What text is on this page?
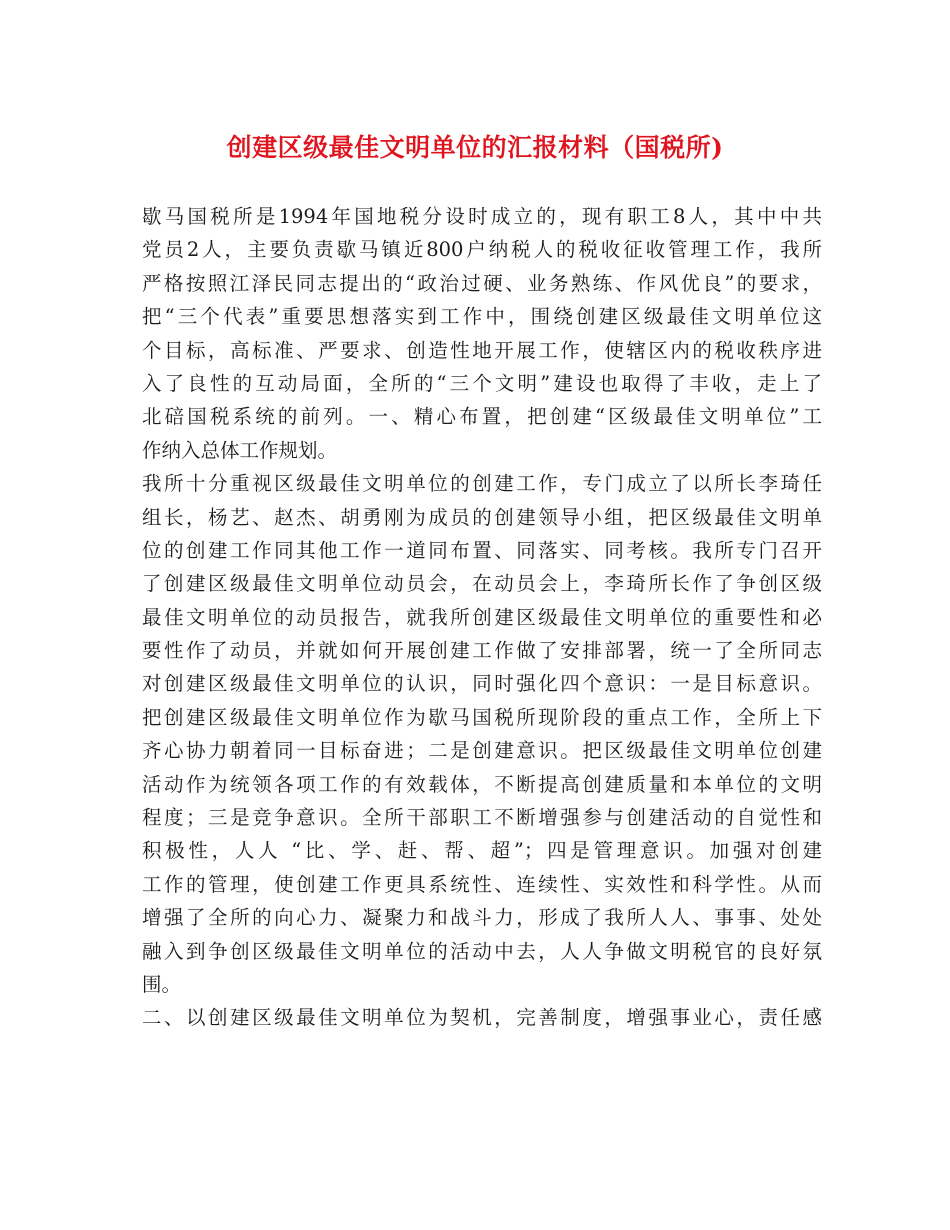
创建区级最佳文明单位的汇报材料（国税所)

歇马国税所是1994年国地税分设时成立的，现有职工8人，其中中共

党员2人，主要负责歇马镇近800户纳税人的税收征收管理工作，我所

严格按照江泽民同志提出的“政治过硬、业务熟练、作风优良”的要求，

把“三个代表”重要思想落实到工作中，围绕创建区级最佳文明单位这

个目标，高标准、严要求、创造性地开展工作，使辖区内的税收秩序进

入了良性的互动局面，全所的“三个文明”建设也取得了丰收，走上了

北碚国税系统的前列。一、精心布置，把创建“区级最佳文明单位”工

作纳入总体工作规划。

我所十分重视区级最佳文明单位的创建工作，专门成立了以所长李琦任

组长，杨艺、赵杰、胡勇刚为成员的创建领导小组，把区级最佳文明单

位的创建工作同其他工作一道同布置、同落实、同考核。我所专门召开

了创建区级最佳文明单位动员会，在动员会上，李琦所长作了争创区级

最佳文明单位的动员报告，就我所创建区级最佳文明单位的重要性和必

要性作了动员，并就如何开展创建工作做了安排部署，统一了全所同志

对创建区级最佳文明单位的认识，同时强化四个意识：一是目标意识。

把创建区级最佳文明单位作为歇马国税所现阶段的重点工作，全所上下

齐心协力朝着同一目标奋进；二是创建意识。把区级最佳文明单位创建

活动作为统领各项工作的有效载体，不断提高创建质量和本单位的文明

程度；三是竞争意识。全所干部职工不断增强参与创建活动的自觉性和

积极性，人人 “比、学、赶、帮、超”；四是管理意识。加强对创建

工作的管理，使创建工作更具系统性、连续性、实效性和科学性。从而

增强了全所的向心力、凝聚力和战斗力，形成了我所人人、事事、处处

融入到争创区级最佳文明单位的活动中去，人人争做文明税官的良好氛

围。

二、以创建区级最佳文明单位为契机，完善制度，增强事业心，责任感
